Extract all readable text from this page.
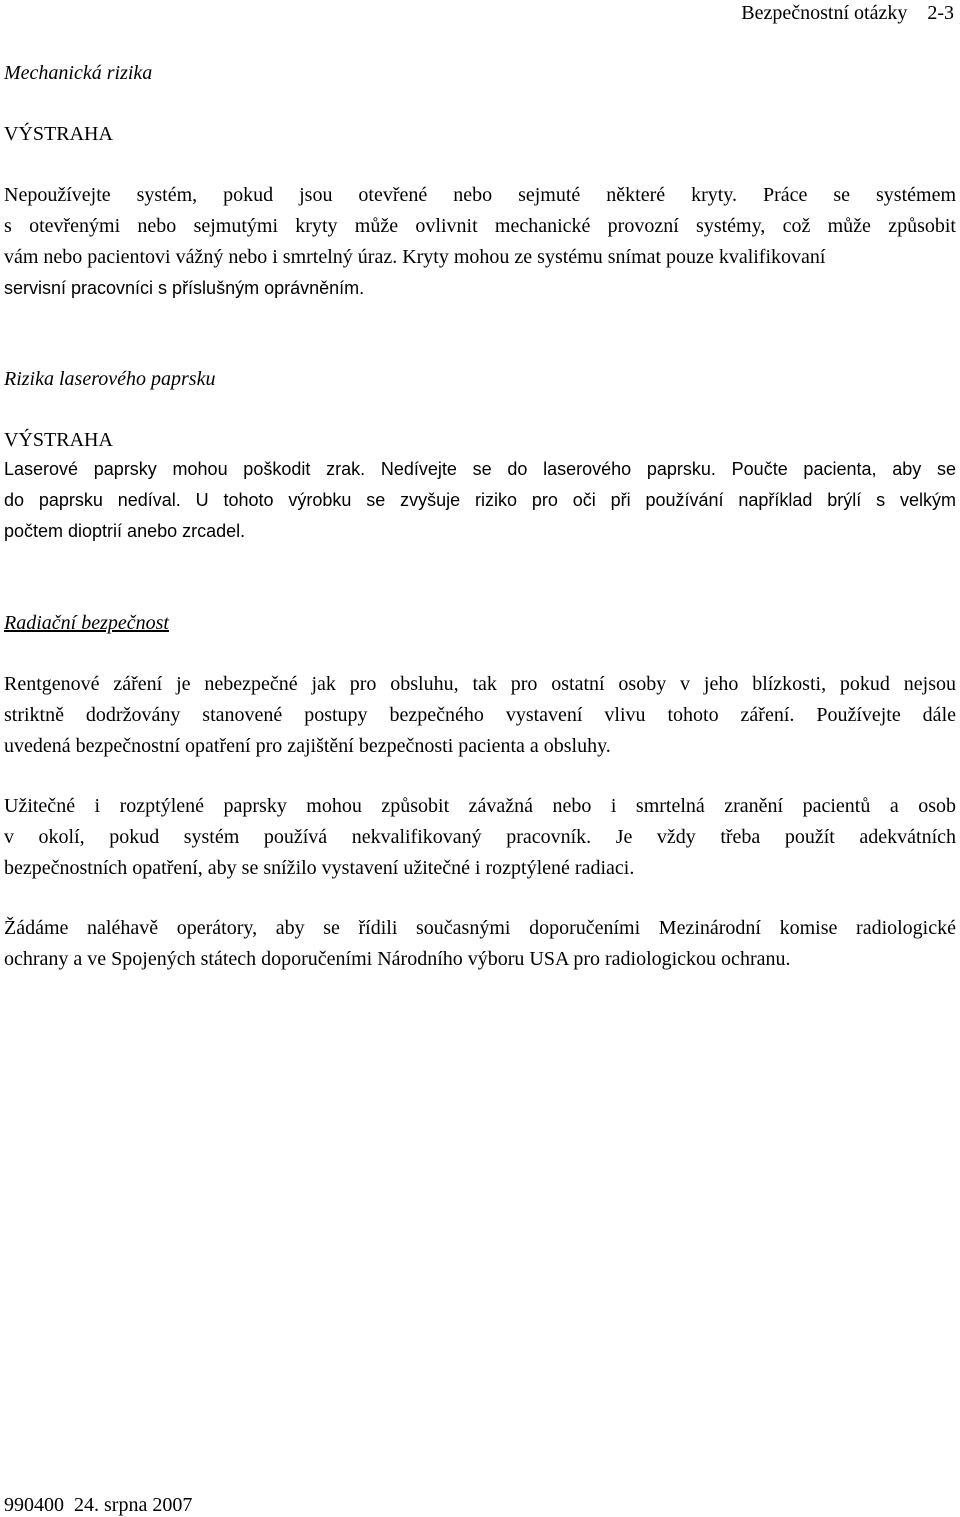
Bezpečnostní otázky 2-3
Mechanická rizika
VÝSTRAHA
Nepoužívejte systém, pokud jsou otevřené nebo sejmuté některé kryty. Práce se systémem
s otevřenými nebo sejmutými kryty může ovlivnit mechanické provozní systémy, což může způsobit
vám nebo pacientovi vážný nebo i smrtelný úraz. Kryty mohou ze systému snímat pouze kvalifikovaní
servisní pracovníci s příslušným oprávněním.
Rizika laserového paprsku
VÝSTRAHA
Laserové paprsky mohou poškodit zrak. Nedívejte se do laserového paprsku. Poučte pacienta, aby se
do paprsku nedíval. U tohoto výrobku se zvyšuje riziko pro oči při používání například brýlí s velkým
počtem dioptrií anebo zrcadel.
Radiační bezpečnost
Rentgenové záření je nebezpečné jak pro obsluhu, tak pro ostatní osoby v jeho blízkosti, pokud nejsou
striktně dodržovány stanovené postupy bezpečného vystavení vlivu tohoto záření. Používejte dále
uvedená bezpečnostní opatření pro zajištění bezpečnosti pacienta a obsluhy.
Užitečné i rozptýlené paprsky mohou způsobit závažná nebo i smrtelná zranění pacientů a osob
v okolí, pokud systém používá nekvalifikovaný pracovník. Je vždy třeba použít adekvátních
bezpečnostních opatření, aby se snížilo vystavení užitečné i rozptýlené radiaci.
Žádáme naléhavě operátory, aby se řídili současnými doporučeními Mezinárodní komise radiologické
ochrany a ve Spojených státech doporučeními Národního výboru USA pro radiologickou ochranu.
990400 24. srpna 2007
